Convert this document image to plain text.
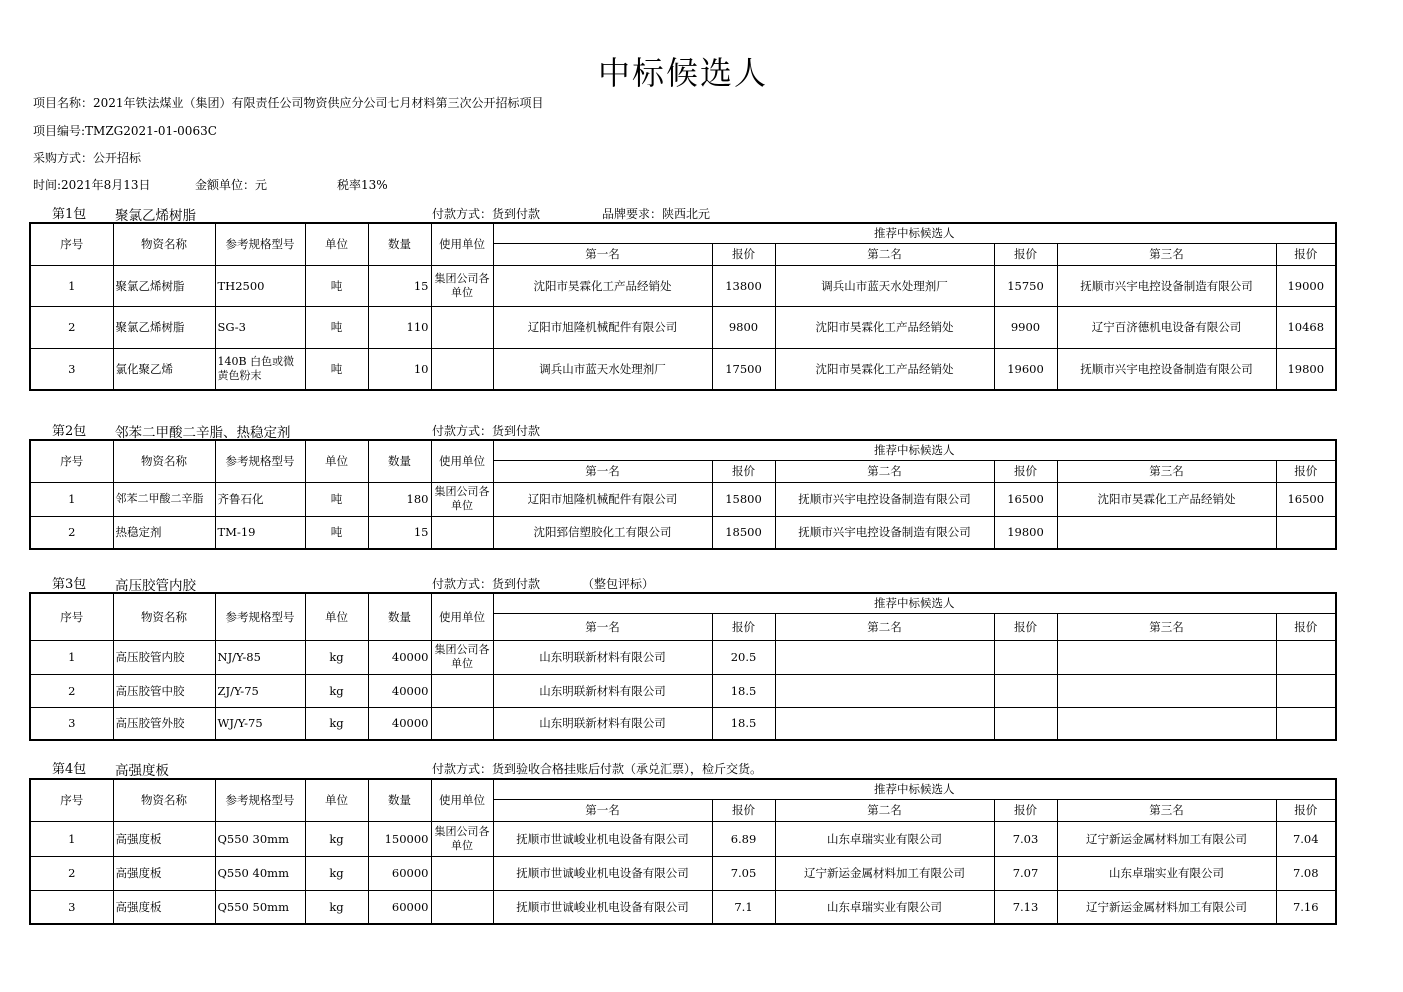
中标候选人
项目名称：2021年铁法煤业（集团）有限责任公司物资供应分公司七月材料第三次公开招标项目
项目编号:TMZG2021-01-0063C
采购方式：公开招标
时间:2021年8月13日	金额单位：元	税率13%
第1包 聚氯乙烯树脂	付款方式：货到付款	品牌要求：陕西北元
序号	物资名称	参考规格型号	单位	数量	使用单位	推荐中标候选人					
						第一名	报价	第二名	报价	第三名	报价
1	聚氯乙烯树脂	TH2500	吨	15	集团公司各单位	沈阳市昊霖化工产品经销处	13800	调兵山市蓝天水处理剂厂	15750	抚顺市兴宇电控设备制造有限公司	19000
2	聚氯乙烯树脂	SG-3	吨	110		辽阳市旭隆机械配件有限公司	9800	沈阳市昊霖化工产品经销处	9900	辽宁百济德机电设备有限公司	10468
3	氯化聚乙烯	140B 白色或微黄色粉末	吨	10		调兵山市蓝天水处理剂厂	17500	沈阳市昊霖化工产品经销处	19600	抚顺市兴宇电控设备制造有限公司	19800
第2包 邻苯二甲酸二辛脂、热稳定剂	付款方式：货到付款
序号	物资名称	参考规格型号	单位	数量	使用单位	推荐中标候选人					
						第一名	报价	第二名	报价	第三名	报价
1	邻苯二甲酸二辛脂	齐鲁石化	吨	180	集团公司各单位	辽阳市旭隆机械配件有限公司	15800	抚顺市兴宇电控设备制造有限公司	16500	沈阳市昊霖化工产品经销处	16500
2	热稳定剂	TM-19	吨	15		沈阳郅信塑胶化工有限公司	18500	抚顺市兴宇电控设备制造有限公司	19800		
第3包 高压胶管内胶	付款方式：货到付款	（整包评标）
序号	物资名称	参考规格型号	单位	数量	使用单位	推荐中标候选人					
						第一名	报价	第二名	报价	第三名	报价
1	高压胶管内胶	NJ/Y-85	kg	40000	集团公司各单位	山东明联新材料有限公司	20.5				
2	高压胶管中胶	ZJ/Y-75	kg	40000		山东明联新材料有限公司	18.5				
3	高压胶管外胶	WJ/Y-75	kg	40000		山东明联新材料有限公司	18.5				
第4包 高强度板	付款方式：货到验收合格挂账后付款（承兑汇票），检斤交货。
序号	物资名称	参考规格型号	单位	数量	使用单位	推荐中标候选人					
						第一名	报价	第二名	报价	第三名	报价
1	高强度板	Q550 30mm	kg	150000	集团公司各单位	抚顺市世诚峻业机电设备有限公司	6.89	山东卓瑞实业有限公司	7.03	辽宁新运金属材料加工有限公司	7.04
2	高强度板	Q550 40mm	kg	60000		抚顺市世诚峻业机电设备有限公司	7.05	辽宁新运金属材料加工有限公司	7.07	山东卓瑞实业有限公司	7.08
3	高强度板	Q550 50mm	kg	60000		抚顺市世诚峻业机电设备有限公司	7.1	山东卓瑞实业有限公司	7.13	辽宁新运金属材料加工有限公司	7.16
